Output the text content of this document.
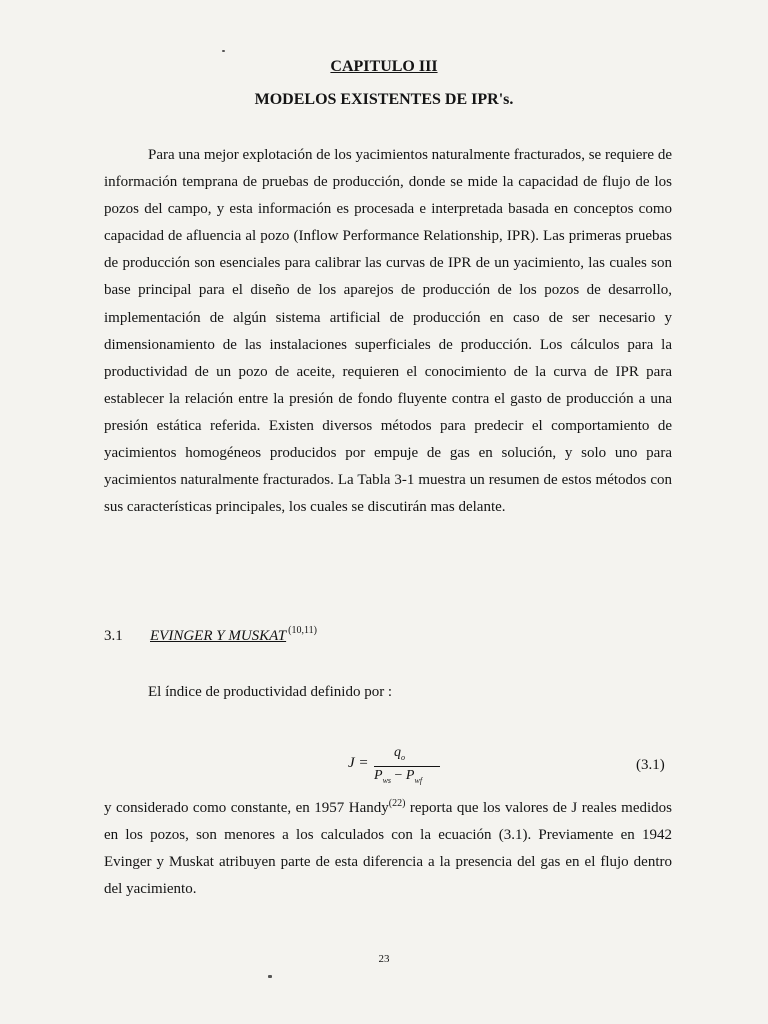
CAPITULO III
MODELOS EXISTENTES DE IPR's.
Para una mejor explotación de los yacimientos naturalmente fracturados, se requiere de información temprana de pruebas de producción, donde se mide la capacidad de flujo de los pozos del campo, y esta información es procesada e interpretada basada en conceptos como capacidad de afluencia al pozo (Inflow Performance Relationship, IPR). Las primeras pruebas de producción son esenciales para calibrar las curvas de IPR de un yacimiento, las cuales son base principal para el diseño de los aparejos de producción de los pozos de desarrollo, implementación de algún sistema artificial de producción en caso de ser necesario y dimensionamiento de las instalaciones superficiales de producción. Los cálculos para la productividad de un pozo de aceite, requieren el conocimiento de la curva de IPR para establecer la relación entre la presión de fondo fluyente contra el gasto de producción a una presión estática referida. Existen diversos métodos para predecir el comportamiento de yacimientos homogéneos producidos por empuje de gas en solución, y solo uno para yacimientos naturalmente fracturados. La Tabla 3-1 muestra un resumen de estos métodos con sus características principales, los cuales se discutirán mas delante.
3.1 EVINGER Y MUSKAT $^{(10,11)}$
El índice de productividad definido por :
J =
$q_o$
$P_{ws} - P_{wf}$
(3.1)
y considerado como constante, en 1957 Handy$^{(22)}$ reporta que los valores de J reales medidos en los pozos, son menores a los calculados con la ecuación (3.1). Previamente en 1942 Evinger y Muskat atribuyen parte de esta diferencia a la presencia del gas en el flujo dentro del yacimiento.
23
